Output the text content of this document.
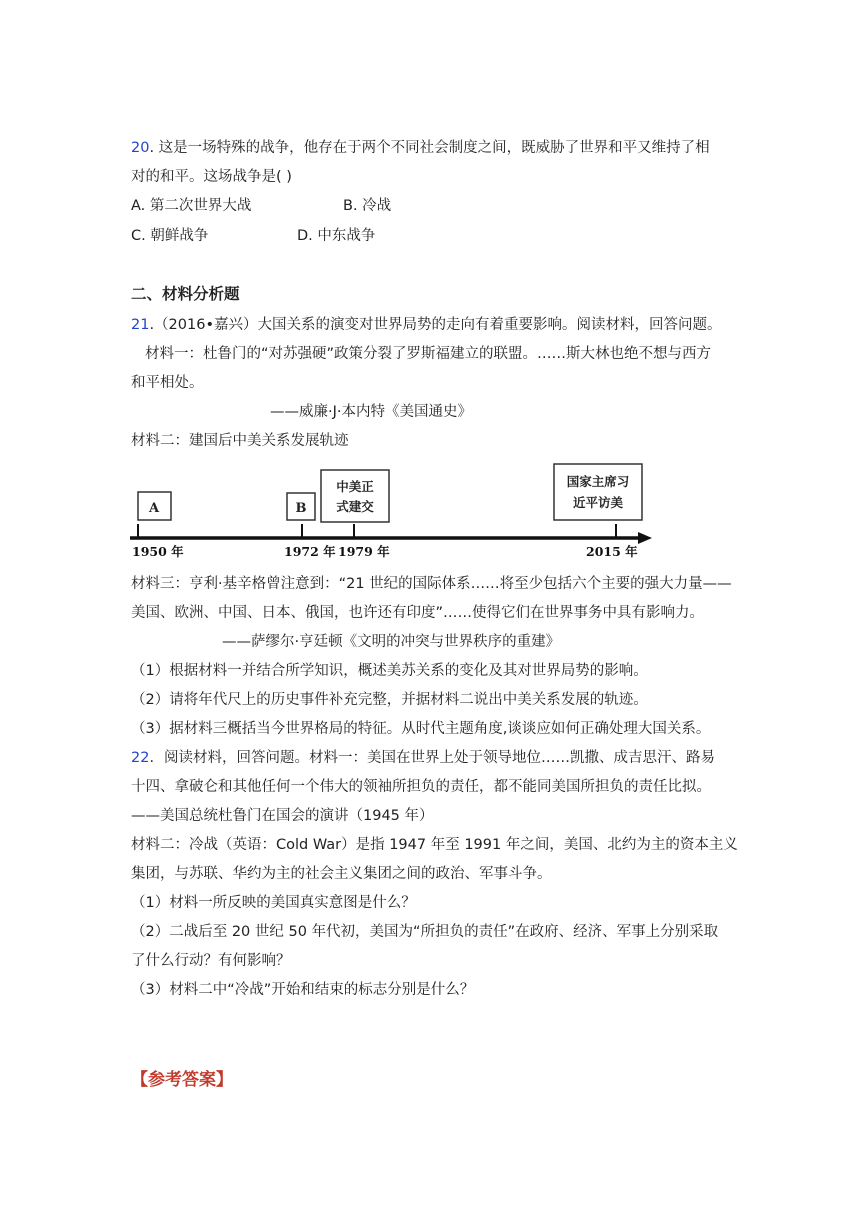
20. 这是一场特殊的战争，他存在于两个不同社会制度之间，既威胁了世界和平又维持了相
对的和平。这场战争是( )
A. 第二次世界大战	B. 冷战
C. 朝鲜战争	D. 中东战争
二、材料分析题
21.（2016•嘉兴）大国关系的演变对世界局势的走向有着重要影响。阅读材料，回答问题。
材料一：杜鲁门的“对苏强硬”政策分裂了罗斯福建立的联盟。……斯大林也绝不想与西方
和平相处。
——威廉·J·本内特《美国通史》
材料二：建国后中美关系发展轨迹
A	B
中美正
式建交
国家主席习
近平访美
1950 年	1972 年 1979 年	2015 年
材料三：亨利·基辛格曾注意到：“21 世纪的国际体系……将至少包括六个主要的强大力量——
美国、欧洲、中国、日本、俄国，也许还有印度”……使得它们在世界事务中具有影响力。
——萨缪尔·亨廷顿《文明的冲突与世界秩序的重建》
（1）根据材料一并结合所学知识，概述美苏关系的变化及其对世界局势的影响。
（2）请将年代尺上的历史事件补充完整，并据材料二说出中美关系发展的轨迹。
（3）据材料三概括当今世界格局的特征。从时代主题角度,谈谈应如何正确处理大国关系。
22．阅读材料，回答问题。材料一：美国在世界上处于领导地位……凯撒、成吉思汗、路易
十四、拿破仑和其他任何一个伟大的领袖所担负的责任，都不能同美国所担负的责任比拟。
——美国总统杜鲁门在国会的演讲（1945 年）
材料二：冷战（英语：Cold War）是指 1947 年至 1991 年之间，美国、北约为主的资本主义
集团，与苏联、华约为主的社会主义集团之间的政治、军事斗争。
（1）材料一所反映的美国真实意图是什么？
（2）二战后至 20 世纪 50 年代初，美国为“所担负的责任”在政府、经济、军事上分别采取
了什么行动？有何影响？
（3）材料二中“冷战”开始和结束的标志分别是什么？
【参考答案】
